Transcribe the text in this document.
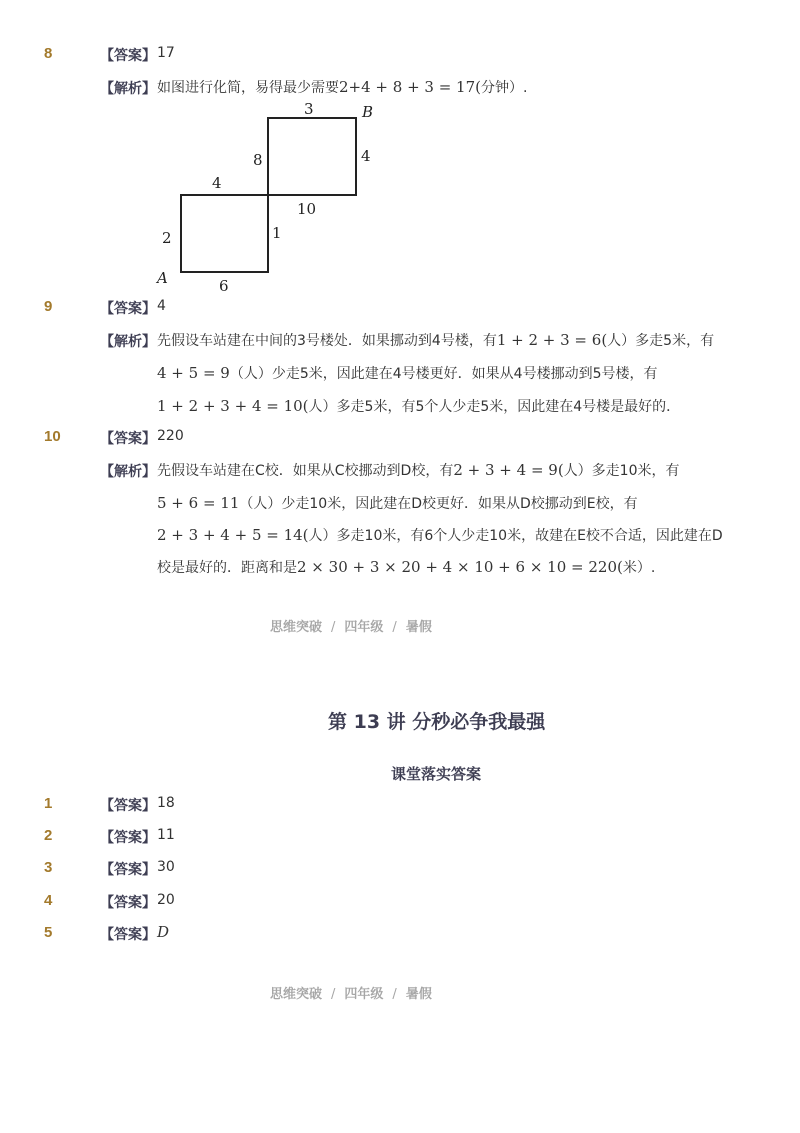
8	【答案】 17
【解析】 如图进行化简，易得最少需要2+4 + 8 + 3 = 17(分钟）.
3	B
4
8
4
10
2	1
A	6
9	【答案】 4
【解析】 先假设车站建在中间的3号楼处．如果挪动到4号楼，有1 + 2 + 3 = 6(人）多走5米，有
4 + 5 = 9（人）少走5米，因此建在4号楼更好．如果从4号楼挪动到5号楼，有
1 + 2 + 3 + 4 = 10(人）多走5米，有5个人少走5米，因此建在4号楼是最好的．
10	【答案】 220
【解析】 先假设车站建在C校．如果从C校挪动到D校，有2 + 3 + 4 = 9(人）多走10米，有
5 + 6 = 11（人）少走10米，因此建在D校更好．如果从D校挪动到E校，有
2 + 3 + 4 + 5 = 14(人）多走10米，有6个人少走10米，故建在E校不合适，因此建在D
校是最好的．距离和是2 × 30 + 3 × 20 + 4 × 10 + 6 × 10 = 220(米）.
思维突破 / 四年级 / 暑假
第 13 讲 分秒必争我最强
课堂落实答案
1	【答案】 18
2	【答案】 11
3	【答案】 30
4	【答案】 20
5	【答案】 D
思维突破 / 四年级 / 暑假
